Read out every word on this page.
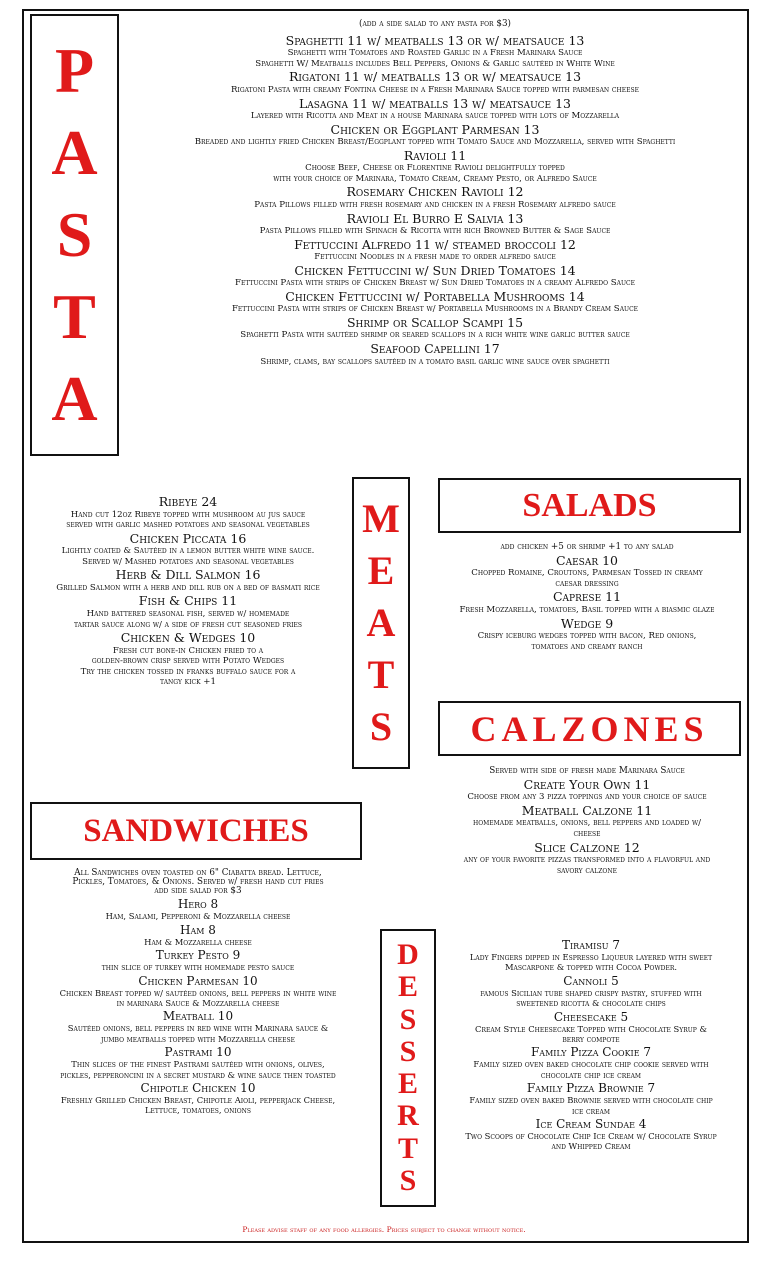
P
A
S
T
A
(add a side salad to any pasta for $3)
Spaghetti 11 w/ meatballs 13 or w/ meatsauce 13
Spaghetti with Tomatoes and Roasted Garlic in a Fresh Marinara Sauce
Spaghetti W/ Meatballs includes Bell Peppers, Onions & Garlic sautéed in White Wine
Rigatoni 11 w/ meatballs 13 or w/ meatsauce 13
Rigatoni Pasta with creamy Fontina Cheese in a Fresh Marinara Sauce topped with parmesan cheese
Lasagna 11 w/ meatballs 13 w/ meatsauce 13
Layered with Ricotta and Meat in a house Marinara sauce topped with lots of Mozzarella
Chicken or Eggplant Parmesan 13
Breaded and lightly fried Chicken Breast/Eggplant topped with Tomato Sauce and Mozzarella, served with Spaghetti
Ravioli 11
Choose Beef, Cheese or Florentine Ravioli delightfully topped
with your choice of Marinara, Tomato Cream, Creamy Pesto, or Alfredo Sauce
Rosemary Chicken Ravioli 12
Pasta Pillows filled with fresh rosemary and chicken in a fresh Rosemary alfredo sauce
Ravioli El Burro E Salvia 13
Pasta Pillows filled with Spinach & Ricotta with rich Browned Butter & Sage Sauce
Fettuccini Alfredo 11 w/ steamed broccoli 12
Fettuccini Noodles in a fresh made to order alfredo sauce
Chicken Fettuccini w/ Sun Dried Tomatoes 14
Fettuccini Pasta with strips of Chicken Breast w/ Sun Dried Tomatoes in a creamy Alfredo Sauce
Chicken Fettuccini w/ Portabella Mushrooms 14
Fettuccini Pasta with strips of Chicken Breast w/ Portabella Mushrooms in a Brandy Cream Sauce
Shrimp or Scallop Scampi 15
Spaghetti Pasta with sautéed shrimp or seared scallops in a rich white wine garlic butter sauce
Seafood Capellini 17
Shrimp, clams, bay scallops sautéed in a tomato basil garlic wine sauce over spaghetti
M
E
A
T
S
Ribeye 24
Hand cut 12oz Ribeye topped with mushroom au jus sauce
served with garlic mashed potatoes and seasonal vegetables
Chicken Piccata 16
Lightly coated & Sautéed in a lemon butter white wine sauce.
Served w/ Mashed potatoes and seasonal vegetables
Herb & Dill Salmon 16
Grilled Salmon with a herb and dill rub on a bed of basmati rice
Fish & Chips 11
Hand battered seasonal fish, served w/ homemade
tartar sauce along w/ a side of fresh cut seasoned fries
Chicken & Wedges 10
Fresh cut bone-in Chicken fried to a
golden-brown crisp served with Potato Wedges
Try the chicken tossed in franks buffalo sauce for a
tangy kick +1
SALADS
add chicken +5 or shrimp +1 to any salad
Caesar 10
Chopped Romaine, Croutons, Parmesan Tossed in creamy
caesar dressing
Caprese 11
Fresh Mozzarella, tomatoes, Basil topped with a biasmic glaze
Wedge 9
Crispy iceburg wedges topped with bacon, Red onions,
tomatoes and creamy ranch
CALZONES
Served with side of fresh made Marinara Sauce
Create Your Own 11
Choose from any 3 pizza toppings and your choice of sauce
Meatball Calzone 11
homemade meatballs, onions, bell peppers and loaded w/
cheese
Slice Calzone 12
any of your favorite pizzas transformed into a flavorful and
savory calzone
SANDWICHES
All Sandwiches oven toasted on 6" Ciabatta bread. Lettuce,
Pickles, Tomatoes, & Onions. Served w/ fresh hand cut fries
add side salad for $3
Hero 8
Ham, Salami, Pepperoni & Mozzarella cheese
Ham 8
Ham & Mozzarella cheese
Turkey Pesto 9
thin slice of turkey with homemade pesto sauce
Chicken Parmesan 10
Chicken Breast topped w/ sautéed onions, bell peppers in white wine
in marinara Sauce & Mozzarella cheese
Meatball 10
Sautéed onions, bell peppers in red wine with Marinara sauce &
jumbo meatballs topped with Mozzarella cheese
Pastrami 10
Thin slices of the finest Pastrami sautéed with onions, olives,
pickles, pepperoncini in a secret mustard & wine sauce then toasted
Chipotle Chicken 10
Freshly Grilled Chicken Breast, Chipotle Aioli, pepperjack Cheese,
Lettuce, tomatoes, onions
D
E
S
S
E
R
T
S
Tiramisu 7
Lady Fingers dipped in Espresso Liqueur layered with sweet
Mascarpone & topped with Cocoa Powder.
Cannoli 5
famous Sicilian tube shaped crispy pastry, stuffed with
sweetened ricotta & chocolate chips
Cheesecake 5
Cream Style Cheesecake Topped with Chocolate Syrup &
berry compote
Family Pizza Cookie 7
Family sized oven baked chocolate chip cookie served with
chocolate chip ice cream
Family Pizza Brownie 7
Family sized oven baked Brownie served with chocolate chip
ice cream
Ice Cream Sundae 4
Two Scoops of Chocolate Chip Ice Cream w/ Chocolate Syrup
and Whipped Cream
Please advise staff of any food allergies. Prices subject to change without notice.
